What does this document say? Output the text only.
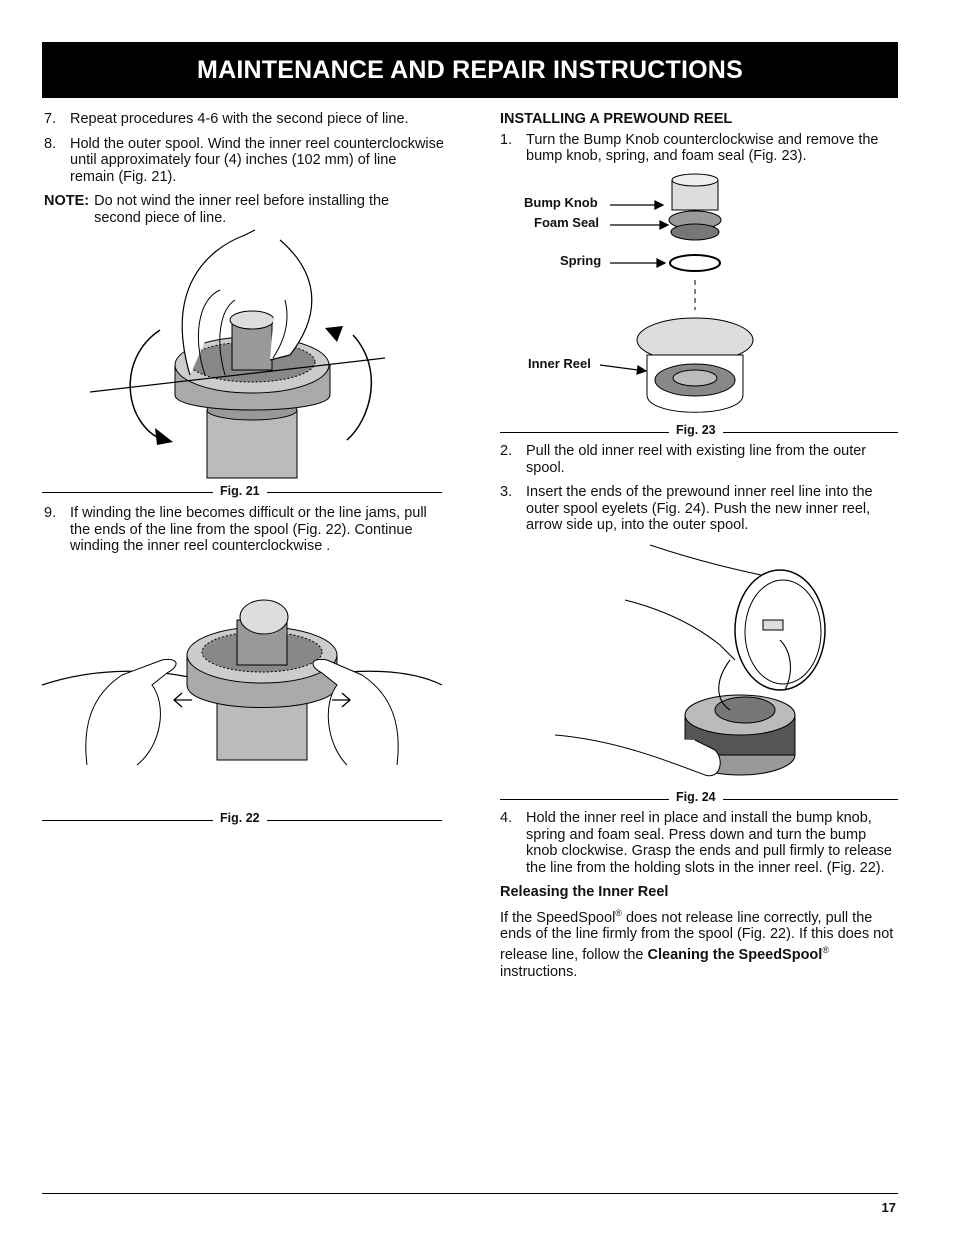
MAINTENANCE AND REPAIR INSTRUCTIONS
7. Repeat procedures 4-6 with the second piece of line.
8. Hold the outer spool. Wind the inner reel counterclockwise until approximately four (4) inches (102 mm) of line remain (Fig. 21).
NOTE: Do not wind the inner reel before installing the second piece of line.
Fig. 21
9. If winding the line becomes difficult or the line jams, pull the ends of the line from the spool (Fig. 22). Continue winding the inner reel counterclockwise .
Fig. 22
INSTALLING A PREWOUND REEL
1. Turn the Bump Knob counterclockwise and remove the bump knob, spring, and foam seal (Fig. 23).
Bump Knob
Foam Seal
Spring
Inner Reel
Fig. 23
2. Pull the old inner reel with existing line from the outer spool.
3. Insert the ends of the prewound inner reel line into the outer spool eyelets (Fig. 24). Push the new inner reel, arrow side up, into the outer spool.
Fig. 24
4. Hold the inner reel in place and install the bump knob, spring and foam seal. Press down and turn the bump knob clockwise. Grasp the ends and pull firmly to release the line from the holding slots in the inner reel. (Fig. 22).
Releasing the Inner Reel
If the SpeedSpool® does not release line correctly, pull the ends of the line firmly from the spool (Fig. 22). If this does not release line, follow the Cleaning the SpeedSpool® instructions.
17
